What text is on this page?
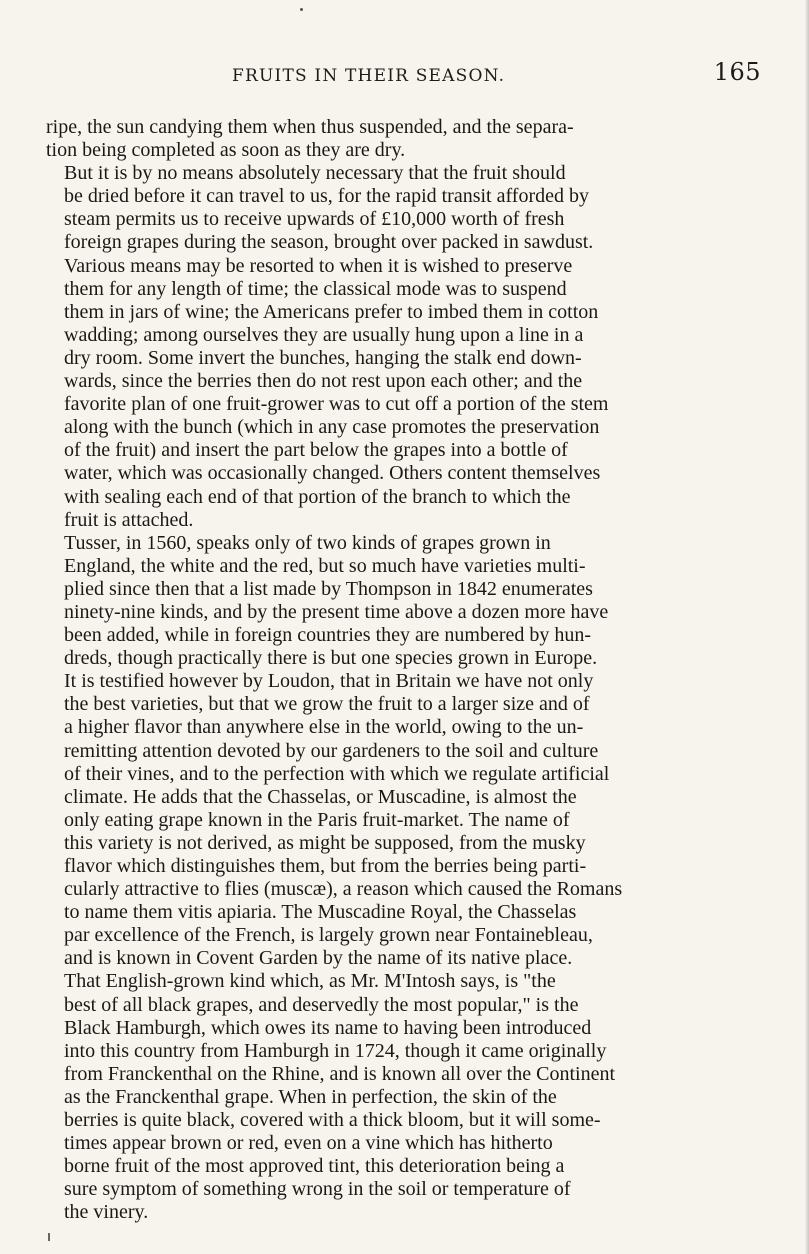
FRUITS IN THEIR SEASON.	165

ripe, the sun candying them when thus suspended, and the separa-
tion being completed as soon as they are dry.

But it is by no means absolutely necessary that the fruit should
be dried before it can travel to us, for the rapid transit afforded by
steam permits us to receive upwards of £10,000 worth of fresh
foreign grapes during the season, brought over packed in sawdust.
Various means may be resorted to when it is wished to preserve
them for any length of time; the classical mode was to suspend
them in jars of wine; the Americans prefer to imbed them in cotton
wadding; among ourselves they are usually hung upon a line in a
dry room. Some invert the bunches, hanging the stalk end down-
wards, since the berries then do not rest upon each other; and the
favorite plan of one fruit-grower was to cut off a portion of the stem
along with the bunch (which in any case promotes the preservation
of the fruit) and insert the part below the grapes into a bottle of
water, which was occasionally changed. Others content themselves
with sealing each end of that portion of the branch to which the
fruit is attached.

Tusser, in 1560, speaks only of two kinds of grapes grown in
England, the white and the red, but so much have varieties multi-
plied since then that a list made by Thompson in 1842 enumerates
ninety-nine kinds, and by the present time above a dozen more have
been added, while in foreign countries they are numbered by hun-
dreds, though practically there is but one species grown in Europe.
It is testified however by Loudon, that in Britain we have not only
the best varieties, but that we grow the fruit to a larger size and of
a higher flavor than anywhere else in the world, owing to the un-
remitting attention devoted by our gardeners to the soil and culture
of their vines, and to the perfection with which we regulate artificial
climate. He adds that the Chasselas, or Muscadine, is almost the
only eating grape known in the Paris fruit-market. The name of
this variety is not derived, as might be supposed, from the musky
flavor which distinguishes them, but from the berries being parti-
cularly attractive to flies (muscæ), a reason which caused the Romans
to name them vitis apiaria. The Muscadine Royal, the Chasselas
par excellence of the French, is largely grown near Fontainebleau,
and is known in Covent Garden by the name of its native place.

That English-grown kind which, as Mr. M'Intosh says, is "the
best of all black grapes, and deservedly the most popular," is the
Black Hamburgh, which owes its name to having been introduced
into this country from Hamburgh in 1724, though it came originally
from Franckenthal on the Rhine, and is known all over the Continent
as the Franckenthal grape. When in perfection, the skin of the
berries is quite black, covered with a thick bloom, but it will some-
times appear brown or red, even on a vine which has hitherto
borne fruit of the most approved tint, this deterioration being a
sure symptom of something wrong in the soil or temperature of
the vinery.
